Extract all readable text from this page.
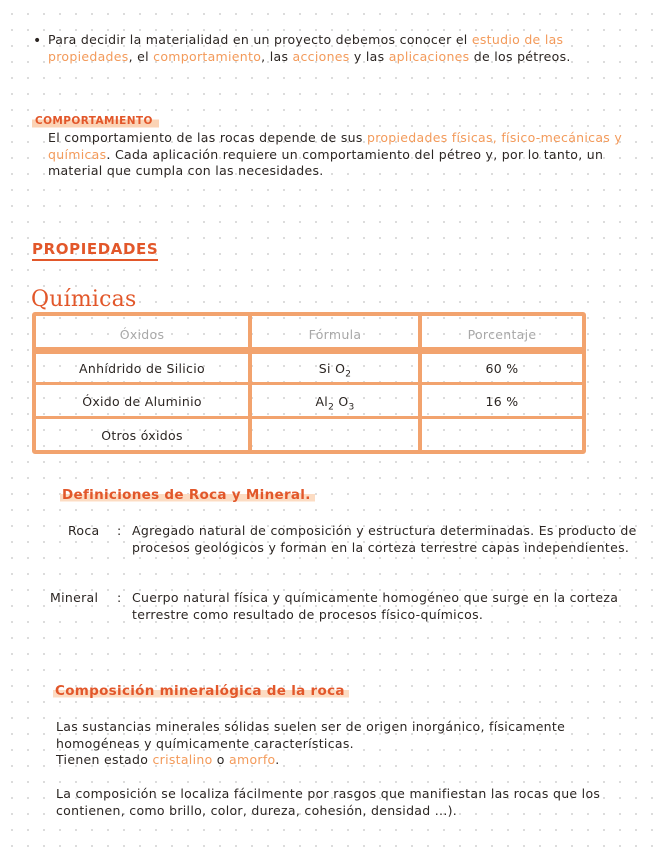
• Para decidir la materialidad en un proyecto debemos conocer el estudio de las propiedades, el comportamiento, las acciones y las aplicaciones de los pétreos.

COMPORTAMIENTO

El comportamiento de las rocas depende de sus propiedades físicas, físico-mecánicas y químicas. Cada aplicación requiere un comportamiento del pétreo y, por lo tanto, un material que cumpla con las necesidades.

PROPIEDADES
Químicas
Óxidos	Fórmula	Porcentaje
Anhídrido de Silicio	Si $O_2$	60 %
Óxido de Aluminio	$Al_2$ $O_3$	16 %
Otros óxidos
Definiciones de Roca y Mineral.
Roca : Agregado natural de composición y estructura determinadas. Es producto de procesos geológicos y forman en la corteza terrestre capas independientes.

Mineral : Cuerpo natural física y químicamente homogéneo que surge en la corteza terrestre como resultado de procesos físico-químicos.

Composición mineralógica de la roca

Las sustancias minerales sólidas suelen ser de origen inorgánico, físicamente homogéneas y químicamente características.

Tienen estado cristalino o amorfo.

La composición se localiza fácilmente por rasgos que manifiestan las rocas que los contienen, como brillo, color, dureza, cohesión, densidad ...).
